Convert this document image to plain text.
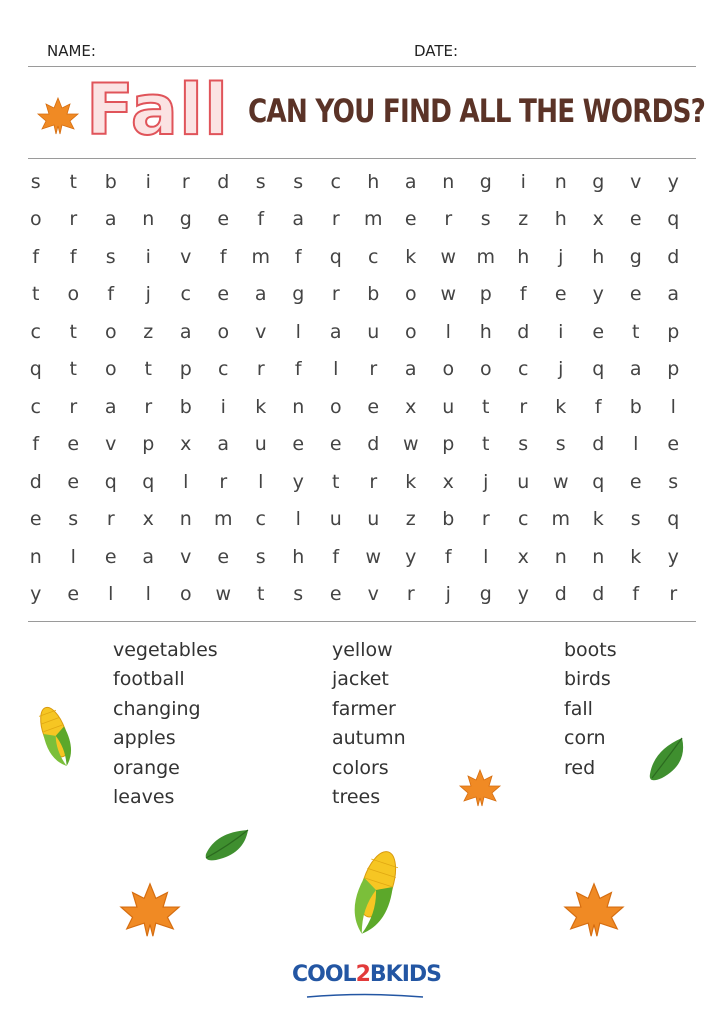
NAME:	DATE:
Fall CAN YOU FIND ALL THE WORDS?
s	t	b	i	r	d	s	s	c	h	a	n	g	i	n	g	v	y
o	r	a	n	g	e	f	a	r	m	e	r	s	z	h	x	e	q
f	f	s	i	v	f	m	f	q	c	k	w	m	h	j	h	g	d
t	o	f	j	c	e	a	g	r	b	o	w	p	f	e	y	e	a
c	t	o	z	a	o	v	l	a	u	o	l	h	d	i	e	t	p
q	t	o	t	p	c	r	f	l	r	a	o	o	c	j	q	a	p
c	r	a	r	b	i	k	n	o	e	x	u	t	r	k	f	b	l
f	e	v	p	x	a	u	e	e	d	w	p	t	s	s	d	l	e
d	e	q	q	l	r	l	y	t	r	k	x	j	u	w	q	e	s
e	s	r	x	n	m	c	l	u	u	z	b	r	c	m	k	s	q
n	l	e	a	v	e	s	h	f	w	y	f	l	x	n	n	k	y
y	e	l	l	o	w	t	s	e	v	r	j	g	y	d	d	f	r
vegetables
football
changing
apples
orange
leaves
yellow
jacket
farmer
autumn
colors
trees
boots
birds
fall
corn
red
COOL2BKIDS
